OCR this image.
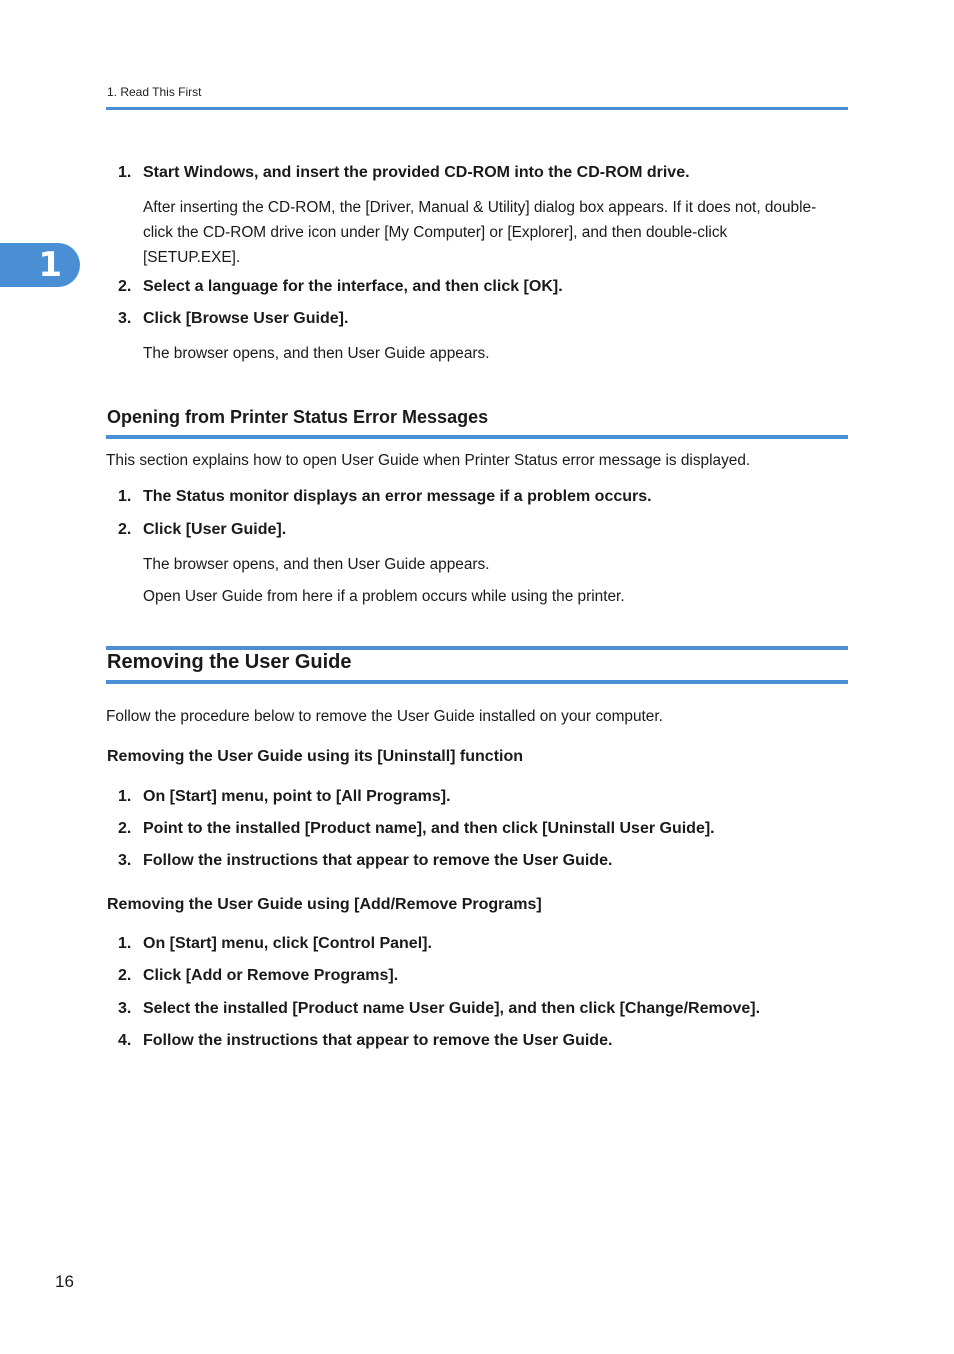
1. Read This First
1
1. Start Windows, and insert the provided CD-ROM into the CD-ROM drive.
After inserting the CD-ROM, the [Driver, Manual & Utility] dialog box appears. If it does not, double-
click the CD-ROM drive icon under [My Computer] or [Explorer], and then double-click
[SETUP.EXE].
2. Select a language for the interface, and then click [OK].
3. Click [Browse User Guide].
The browser opens, and then User Guide appears.
Opening from Printer Status Error Messages
This section explains how to open User Guide when Printer Status error message is displayed.
1. The Status monitor displays an error message if a problem occurs.
2. Click [User Guide].
The browser opens, and then User Guide appears.
Open User Guide from here if a problem occurs while using the printer.
Removing the User Guide
Follow the procedure below to remove the User Guide installed on your computer.
Removing the User Guide using its [Uninstall] function
1. On [Start] menu, point to [All Programs].
2. Point to the installed [Product name], and then click [Uninstall User Guide].
3. Follow the instructions that appear to remove the User Guide.
Removing the User Guide using [Add/Remove Programs]
1. On [Start] menu, click [Control Panel].
2. Click [Add or Remove Programs].
3. Select the installed [Product name User Guide], and then click [Change/Remove].
4. Follow the instructions that appear to remove the User Guide.
16
